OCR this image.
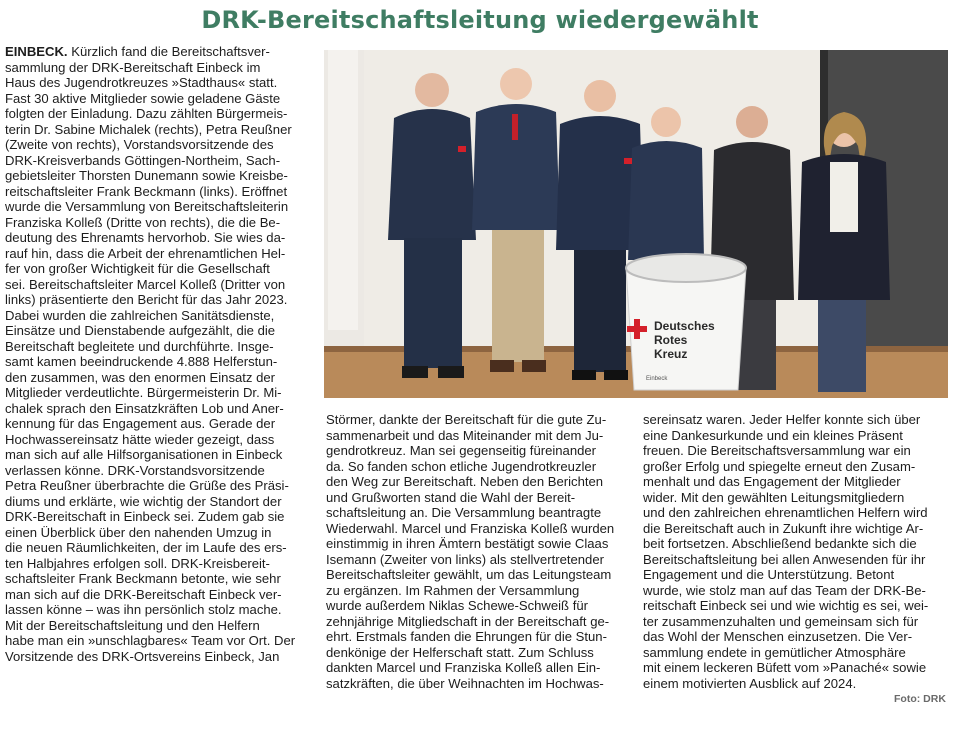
DRK-Bereitschaftsleitung wiedergewählt
EINBECK. Kürzlich fand die Bereitschaftsver-
sammlung der DRK-Bereitschaft Einbeck im
Haus des Jugendrotkreuzes »Stadthaus« statt.
Fast 30 aktive Mitglieder sowie geladene Gäste
folgten der Einladung. Dazu zählten Bürgermeis-
terin Dr. Sabine Michalek (rechts), Petra Reußner
(Zweite von rechts), Vorstandsvorsitzende des
DRK-Kreisverbands Göttingen-Northeim, Sach-
gebietsleiter Thorsten Dunemann sowie Kreisbe-
reitschaftsleiter Frank Beckmann (links). Eröffnet
wurde die Versammlung von Bereitschaftsleiterin
Franziska Kolleß (Dritte von rechts), die die Be-
deutung des Ehrenamts hervorhob. Sie wies da-
rauf hin, dass die Arbeit der ehrenamtlichen Hel-
fer von großer Wichtigkeit für die Gesellschaft
sei. Bereitschaftsleiter Marcel Kolleß (Dritter von
links) präsentierte den Bericht für das Jahr 2023.
Dabei wurden die zahlreichen Sanitätsdienste,
Einsätze und Dienstabende aufgezählt, die die
Bereitschaft begleitete und durchführte. Insge-
samt kamen beeindruckende 4.888 Helferstun-
den zusammen, was den enormen Einsatz der
Mitglieder verdeutlichte. Bürgermeisterin Dr. Mi-
chalek sprach den Einsatzkräften Lob und Aner-
kennung für das Engagement aus. Gerade der
Hochwassereinsatz hätte wieder gezeigt, dass
man sich auf alle Hilfsorganisationen in Einbeck
verlassen könne. DRK-Vorstandsvorsitzende
Petra Reußner überbrachte die Grüße des Präsi-
diums und erklärte, wie wichtig der Standort der
DRK-Bereitschaft in Einbeck sei. Zudem gab sie
einen Überblick über den nahenden Umzug in
die neuen Räumlichkeiten, der im Laufe des ers-
ten Halbjahres erfolgen soll. DRK-Kreisbereit-
schaftsleiter Frank Beckmann betonte, wie sehr
man sich auf die DRK-Bereitschaft Einbeck ver-
lassen könne – was ihn persönlich stolz mache.
Mit der Bereitschaftsleitung und den Helfern
habe man ein »unschlagbares« Team vor Ort. Der
Vorsitzende des DRK-Ortsvereins Einbeck, Jan
Deutsches
Rotes
Kreuz
Einbeck
Störmer, dankte der Bereitschaft für die gute Zu-
sammenarbeit und das Miteinander mit dem Ju-
gendrotkreuz. Man sei gegenseitig füreinander
da. So fanden schon etliche Jugendrotkreuzler
den Weg zur Bereitschaft. Neben den Berichten
und Grußworten stand die Wahl der Bereit-
schaftsleitung an. Die Versammlung beantragte
Wiederwahl. Marcel und Franziska Kolleß wurden
einstimmig in ihren Ämtern bestätigt sowie Claas
Isemann (Zweiter von links) als stellvertretender
Bereitschaftsleiter gewählt, um das Leitungsteam
zu ergänzen. Im Rahmen der Versammlung
wurde außerdem Niklas Schewe-Schweiß für
zehnjährige Mitgliedschaft in der Bereitschaft ge-
ehrt. Erstmals fanden die Ehrungen für die Stun-
denkönige der Helferschaft statt. Zum Schluss
dankten Marcel und Franziska Kolleß allen Ein-
satzkräften, die über Weihnachten im Hochwas-
sereinsatz waren. Jeder Helfer konnte sich über
eine Dankesurkunde und ein kleines Präsent
freuen. Die Bereitschaftsversammlung war ein
großer Erfolg und spiegelte erneut den Zusam-
menhalt und das Engagement der Mitglieder
wider. Mit den gewählten Leitungsmitgliedern
und den zahlreichen ehrenamtlichen Helfern wird
die Bereitschaft auch in Zukunft ihre wichtige Ar-
beit fortsetzen. Abschließend bedankte sich die
Bereitschaftsleitung bei allen Anwesenden für ihr
Engagement und die Unterstützung. Betont
wurde, wie stolz man auf das Team der DRK-Be-
reitschaft Einbeck sei und wie wichtig es sei, wei-
ter zusammenzuhalten und gemeinsam sich für
das Wohl der Menschen einzusetzen. Die Ver-
sammlung endete in gemütlicher Atmosphäre
mit einem leckeren Büfett vom »Panaché« sowie
einem motivierten Ausblick auf 2024.
Foto: DRK
